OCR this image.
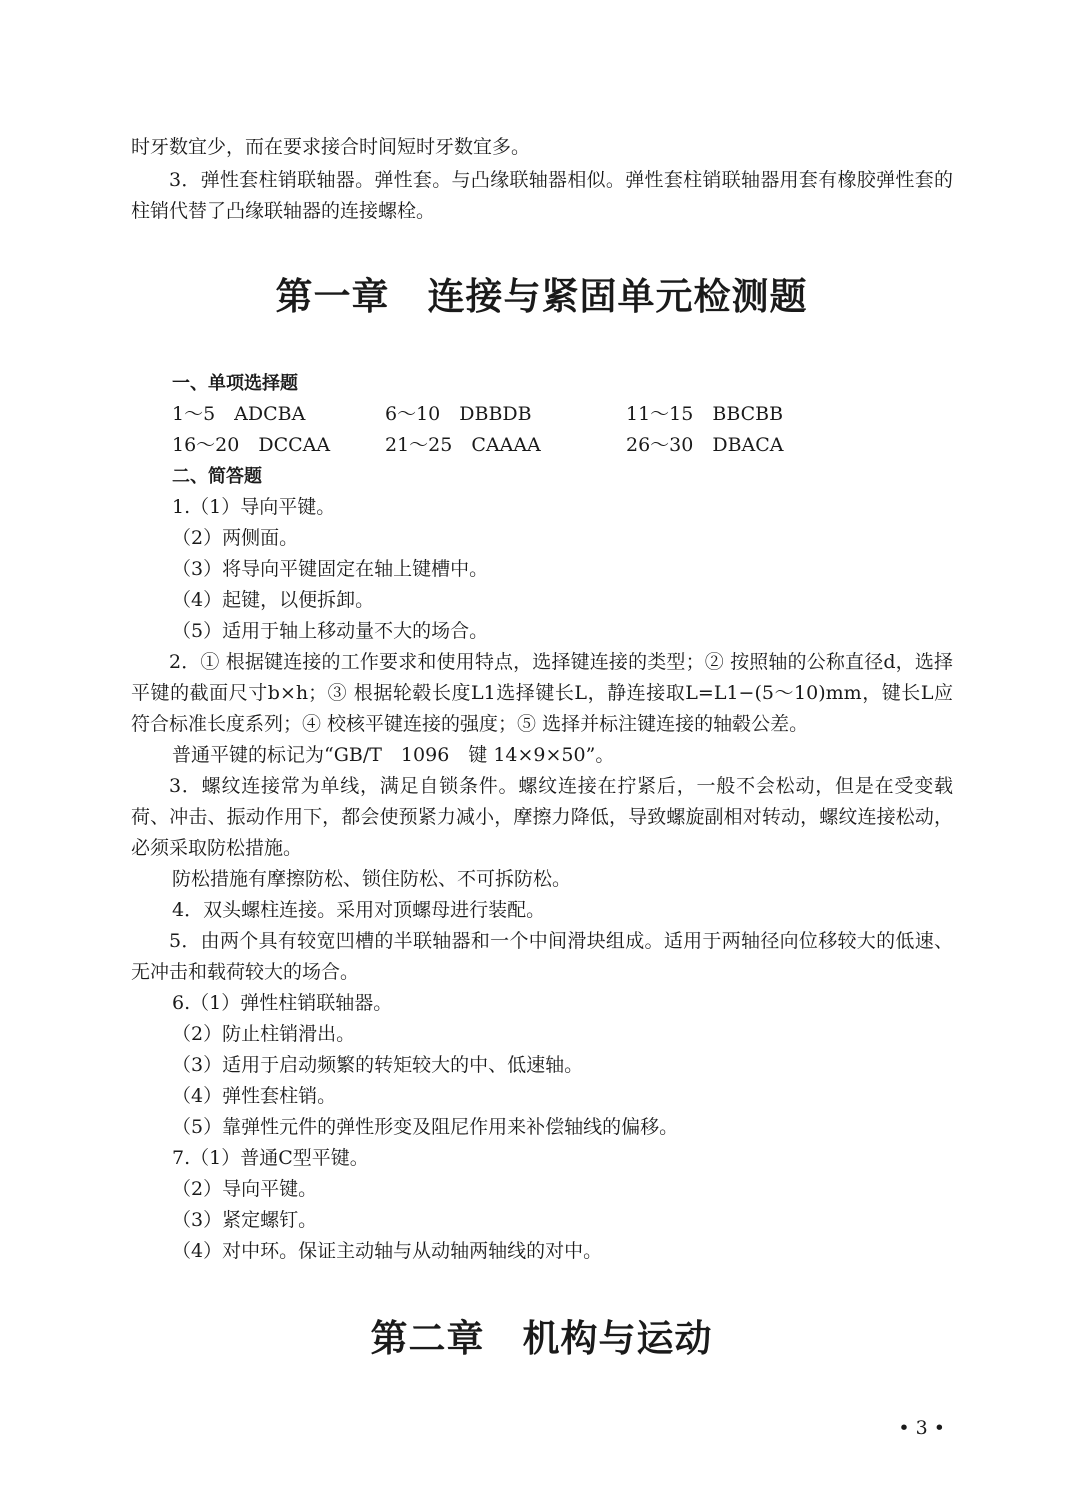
时牙数宜少，而在要求接合时间短时牙数宜多。

3．弹性套柱销联轴器。弹性套。与凸缘联轴器相似。弹性套柱销联轴器用套有橡胶弹性套的柱销代替了凸缘联轴器的连接螺栓。

第一章　连接与紧固单元检测题

一、单项选择题

1～5　ADCBA	6～10　DBBDB	11～15　BBCBB
16～20　DCCAA	21～25　CAAAA	26～30　DBACA

二、简答题

1.（1）导向平键。

（2）两侧面。

（3）将导向平键固定在轴上键槽中。

（4）起键，以便拆卸。

（5）适用于轴上移动量不大的场合。

2．① 根据键连接的工作要求和使用特点，选择键连接的类型；② 按照轴的公称直径d，选择平键的截面尺寸b×h；③ 根据轮毂长度L1选择键长L，静连接取L=L1−(5～10)mm，键长L应符合标准长度系列；④ 校核平键连接的强度；⑤ 选择并标注键连接的轴毂公差。

普通平键的标记为“GB/T　1096　键 14×9×50”。

3．螺纹连接常为单线，满足自锁条件。螺纹连接在拧紧后，一般不会松动，但是在受变载荷、冲击、振动作用下，都会使预紧力减小，摩擦力降低，导致螺旋副相对转动，螺纹连接松动，必须采取防松措施。

防松措施有摩擦防松、锁住防松、不可拆防松。

4．双头螺柱连接。采用对顶螺母进行装配。

5．由两个具有较宽凹槽的半联轴器和一个中间滑块组成。适用于两轴径向位移较大的低速、无冲击和载荷较大的场合。

6.（1）弹性柱销联轴器。

（2）防止柱销滑出。

（3）适用于启动频繁的转矩较大的中、低速轴。

（4）弹性套柱销。

（5）靠弹性元件的弹性形变及阻尼作用来补偿轴线的偏移。

7.（1）普通C型平键。

（2）导向平键。

（3）紧定螺钉。

（4）对中环。保证主动轴与从动轴两轴线的对中。

第二章　机构与运动
• 3 •
